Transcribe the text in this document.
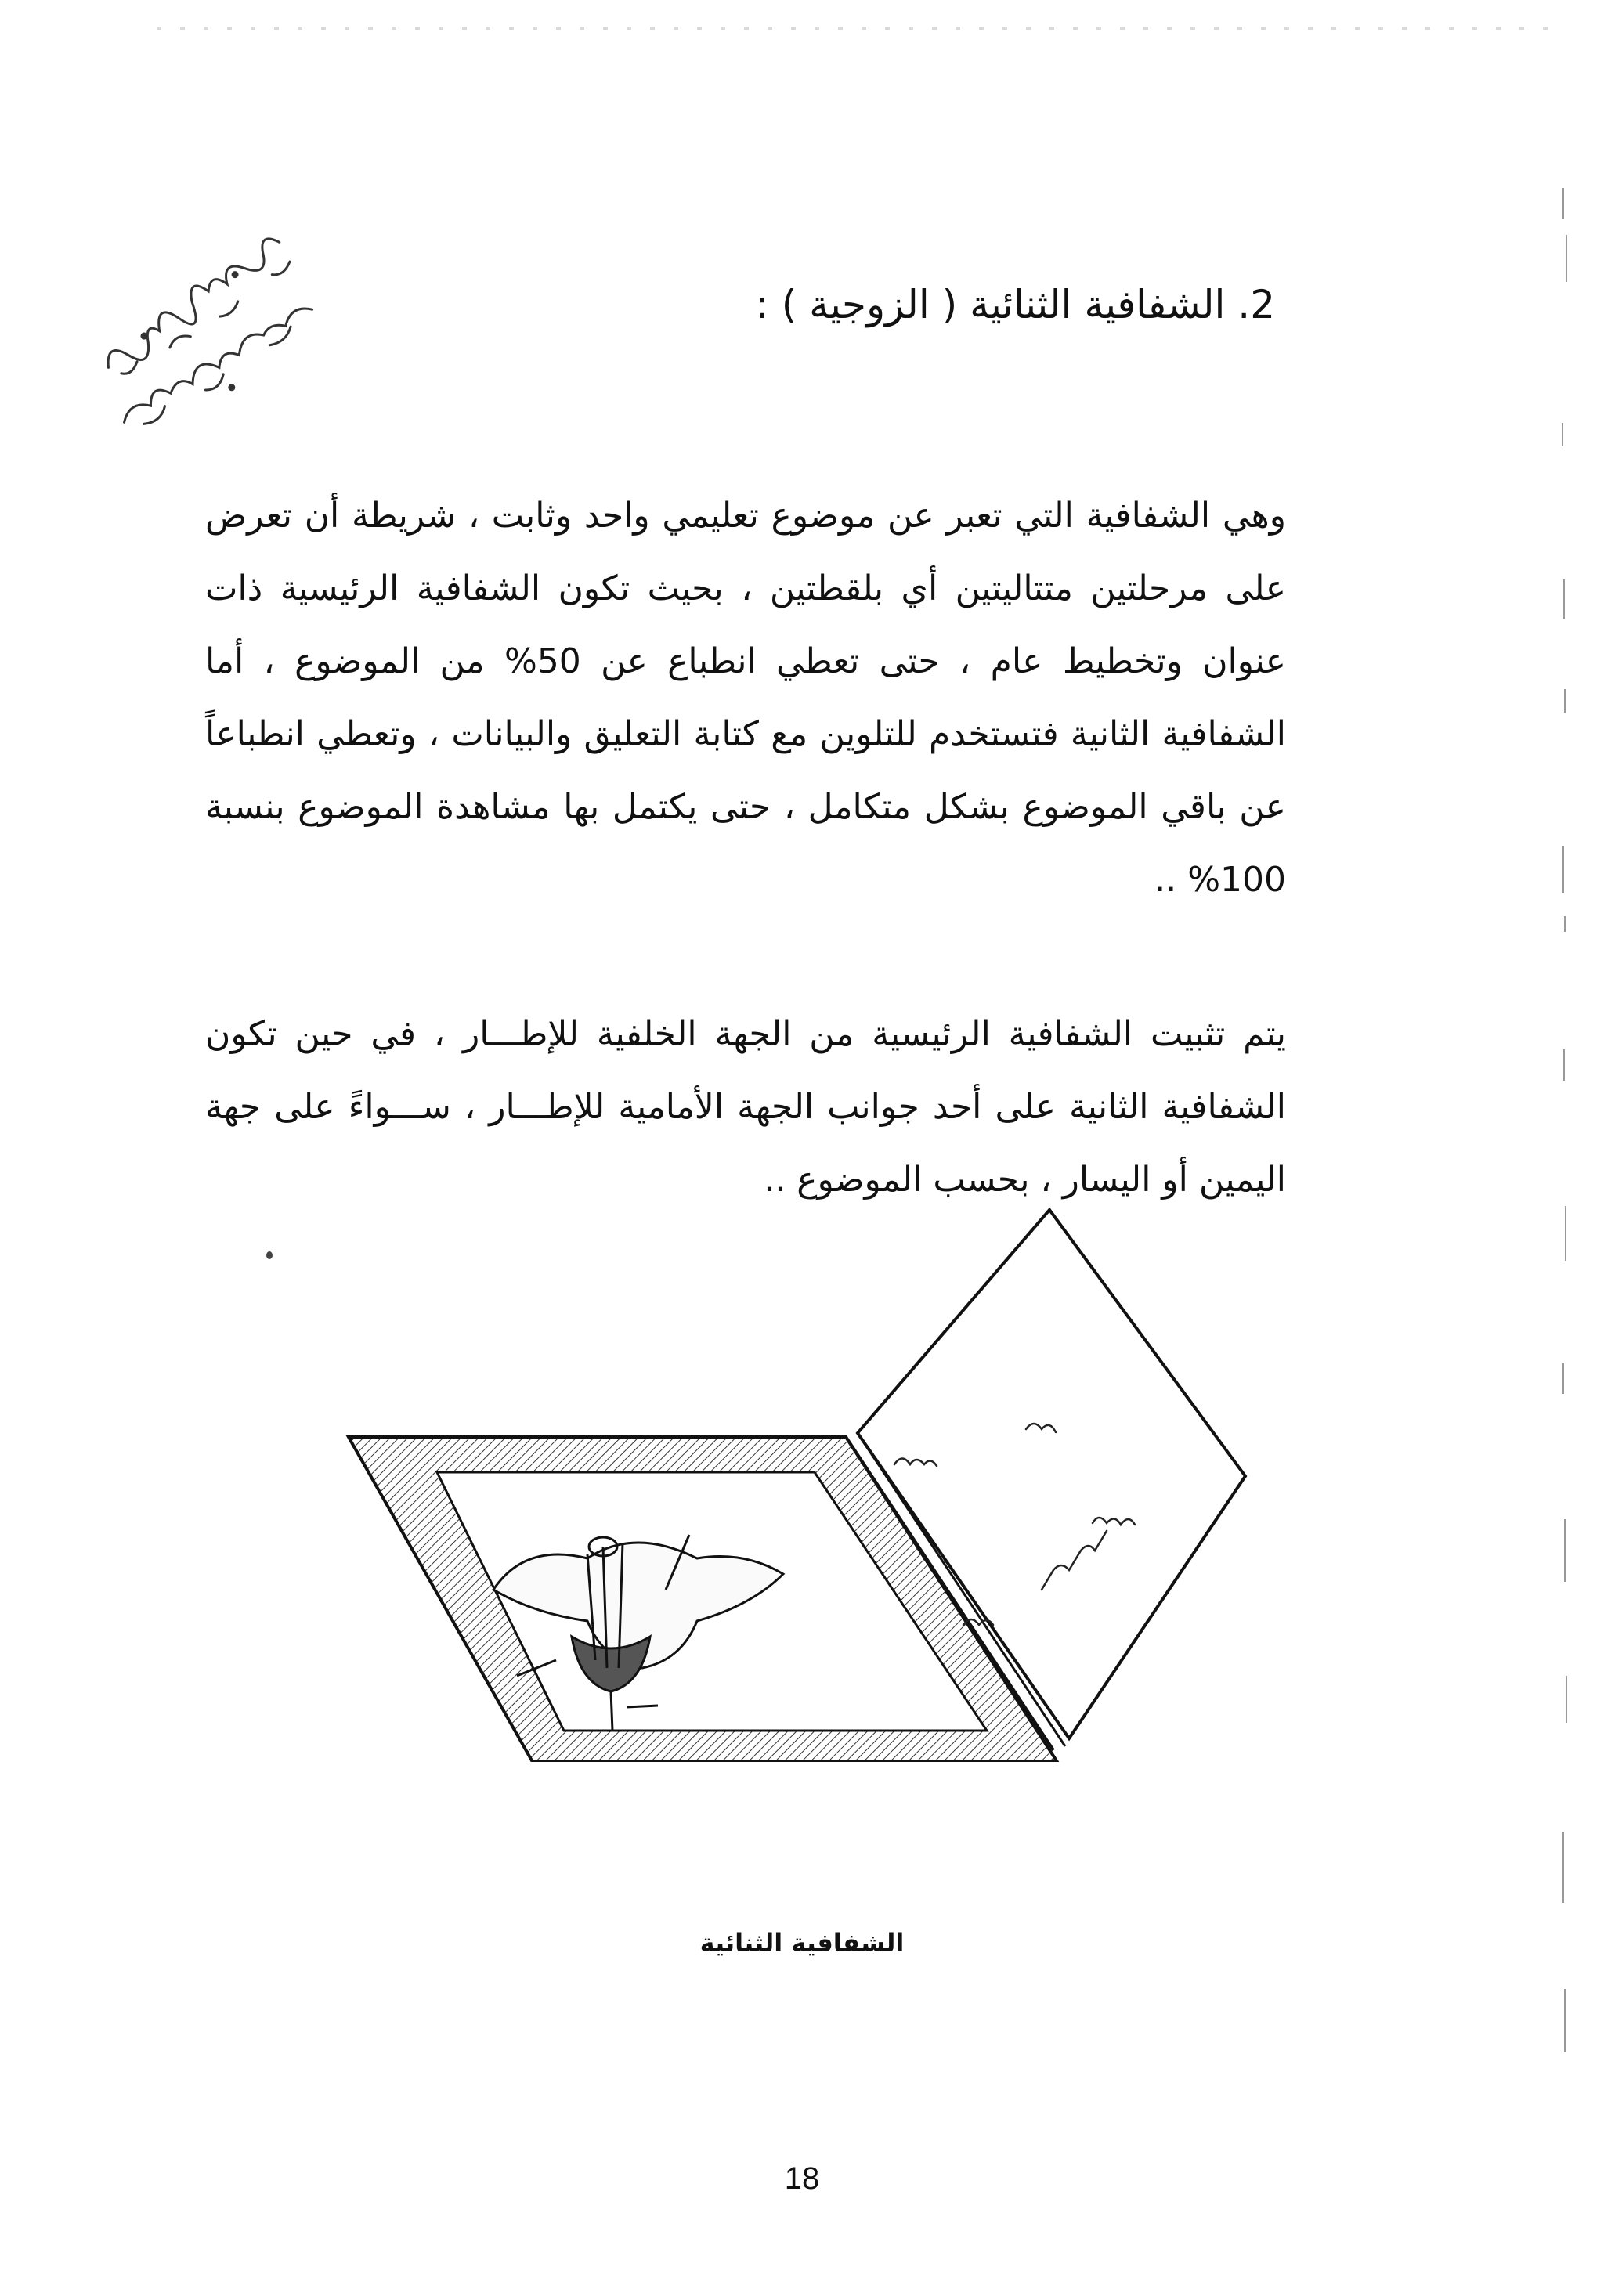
2. الشفافية الثنائية ( الزوجية ) :

وهي الشفافية التي تعبر عن موضوع تعليمي واحد وثابت ، شريطة أن تعرض على مرحلتين متتاليتين أي بلقطتين ، بحيث تكون الشفافية الرئيسية ذات عنوان وتخطيط عام ، حتى تعطي انطباع عن 50% من الموضوع ، أما الشفافية الثانية فتستخدم للتلوين مع كتابة التعليق والبيانات ، وتعطي انطباعاً عن باقي الموضوع بشكل متكامل ، حتى يكتمل بها مشاهدة الموضوع بنسبة 100% ..

يتم تثبيت الشفافية الرئيسية من الجهة الخلفية للإطـــار ، في حين تكون الشفافية الثانية على أحد جوانب الجهة الأمامية للإطـــار ، ســـواءً على جهة اليمين أو اليسار ، بحسب الموضوع ..

الشفافية الثنائية
18
